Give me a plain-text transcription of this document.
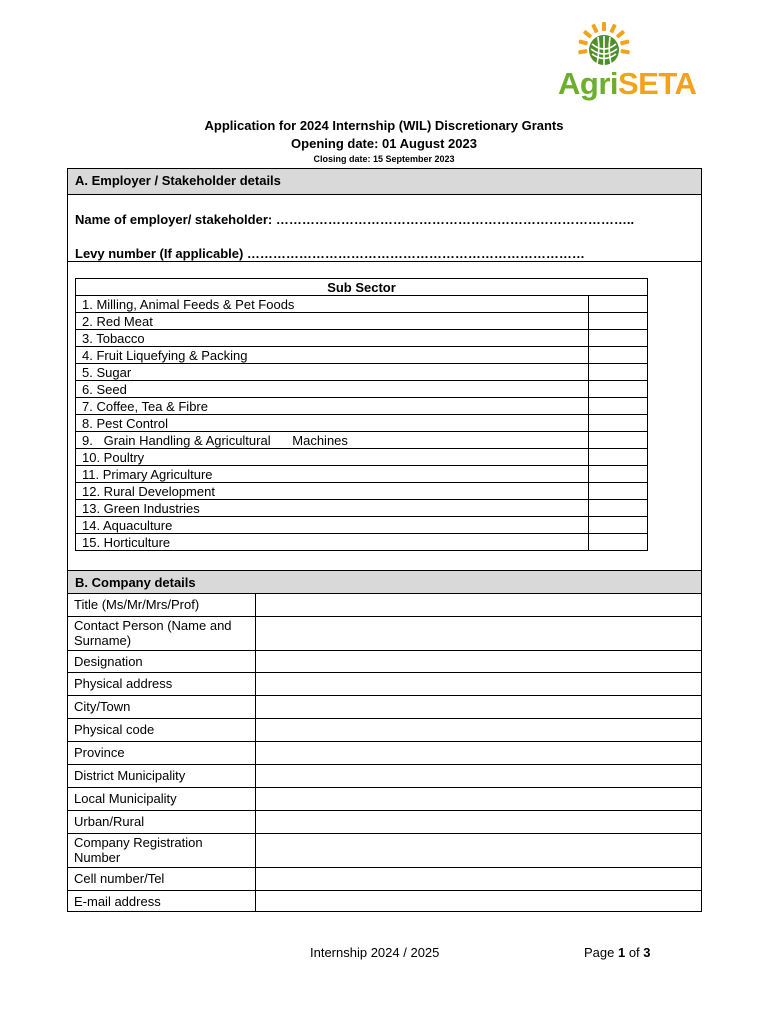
AgriSETA
Application for 2024 Internship (WIL) Discretionary Grants
Opening date: 01 August 2023
Closing date: 15 September 2023
A. Employer / Stakeholder details
Name of employer/ stakeholder: ………………………………………………………………………..
Levy number (If applicable) ……………………………………………………………………
Sub Sector	
1. Milling, Animal Feeds & Pet Foods	
2. Red Meat	
3. Tobacco	
4. Fruit Liquefying & Packing	
5. Sugar	
6. Seed	
7. Coffee, Tea & Fibre	
8. Pest Control	
9.   Grain Handling & Agricultural      Machines	
10. Poultry	
11. Primary Agriculture	
12. Rural Development	
13. Green Industries	
14. Aquaculture	
15. Horticulture	
B. Company details
Title (Ms/Mr/Mrs/Prof)	
Contact Person (Name and Surname)	
Designation	
Physical address	
City/Town	
Physical code	
Province	
District Municipality	
Local Municipality	
Urban/Rural	
Company Registration Number	
Cell number/Tel	
E-mail address	
Internship 2024 / 2025	Page 1 of 3
